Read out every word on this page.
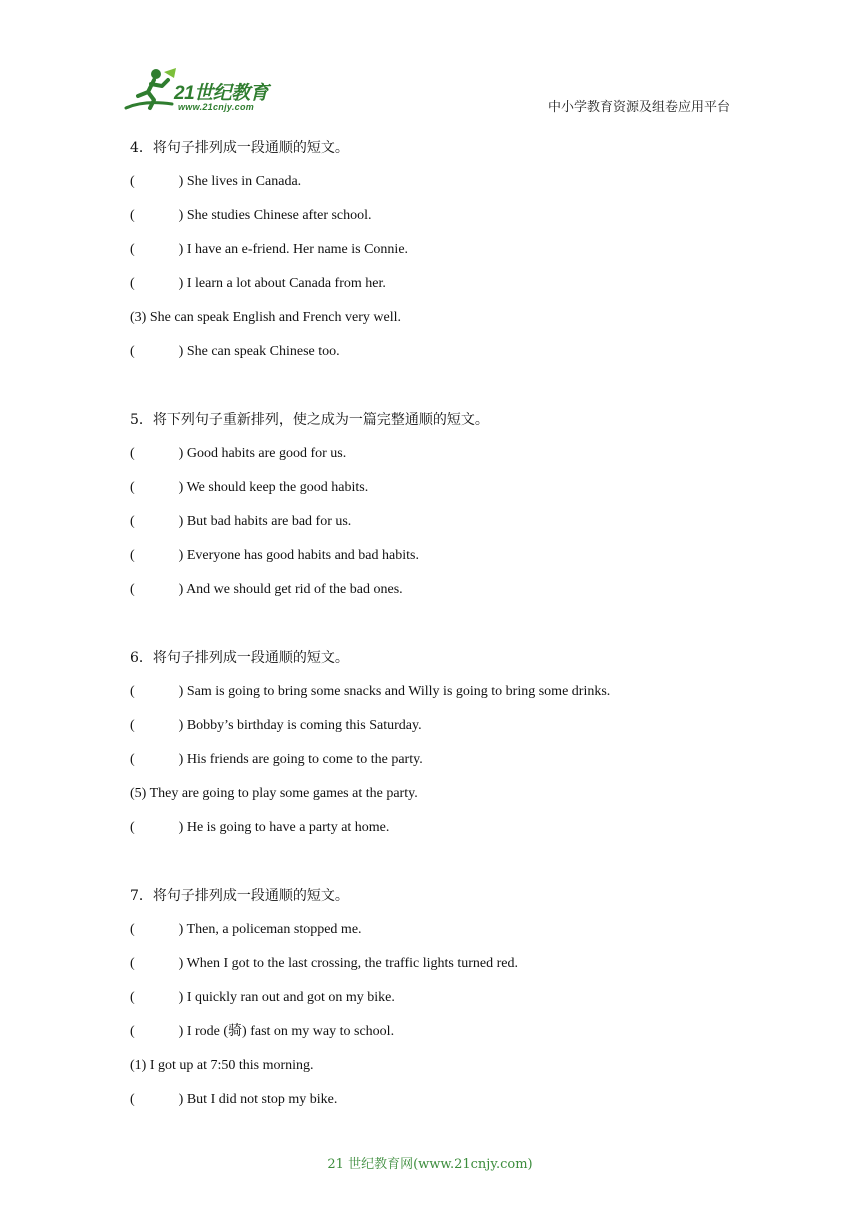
21世纪教育
www.21cnjy.com	中小学教育资源及组卷应用平台
4．将句子排列成一段通顺的短文。
(	) She lives in Canada.
(	) She studies Chinese after school.
(	) I have an e-friend. Her name is Connie.
(	) I learn a lot about Canada from her.
(3) She can speak English and French very well.
(	) She can speak Chinese too.
5．将下列句子重新排列，使之成为一篇完整通顺的短文。
(	) Good habits are good for us.
(	) We should keep the good habits.
(	) But bad habits are bad for us.
(	) Everyone has good habits and bad habits.
(	) And we should get rid of the bad ones.
6．将句子排列成一段通顺的短文。
(	) Sam is going to bring some snacks and Willy is going to bring some drinks.
(	) Bobby’s birthday is coming this Saturday.
(	) His friends are going to come to the party.
(5) They are going to play some games at the party.
(	) He is going to have a party at home.
7．将句子排列成一段通顺的短文。
(	) Then, a policeman stopped me.
(	) When I got to the last crossing, the traffic lights turned red.
(	) I quickly ran out and got on my bike.
(	) I rode (骑) fast on my way to school.
(1) I got up at 7:50 this morning.
(	) But I did not stop my bike.
21 世纪教育网(www.21cnjy.com)
